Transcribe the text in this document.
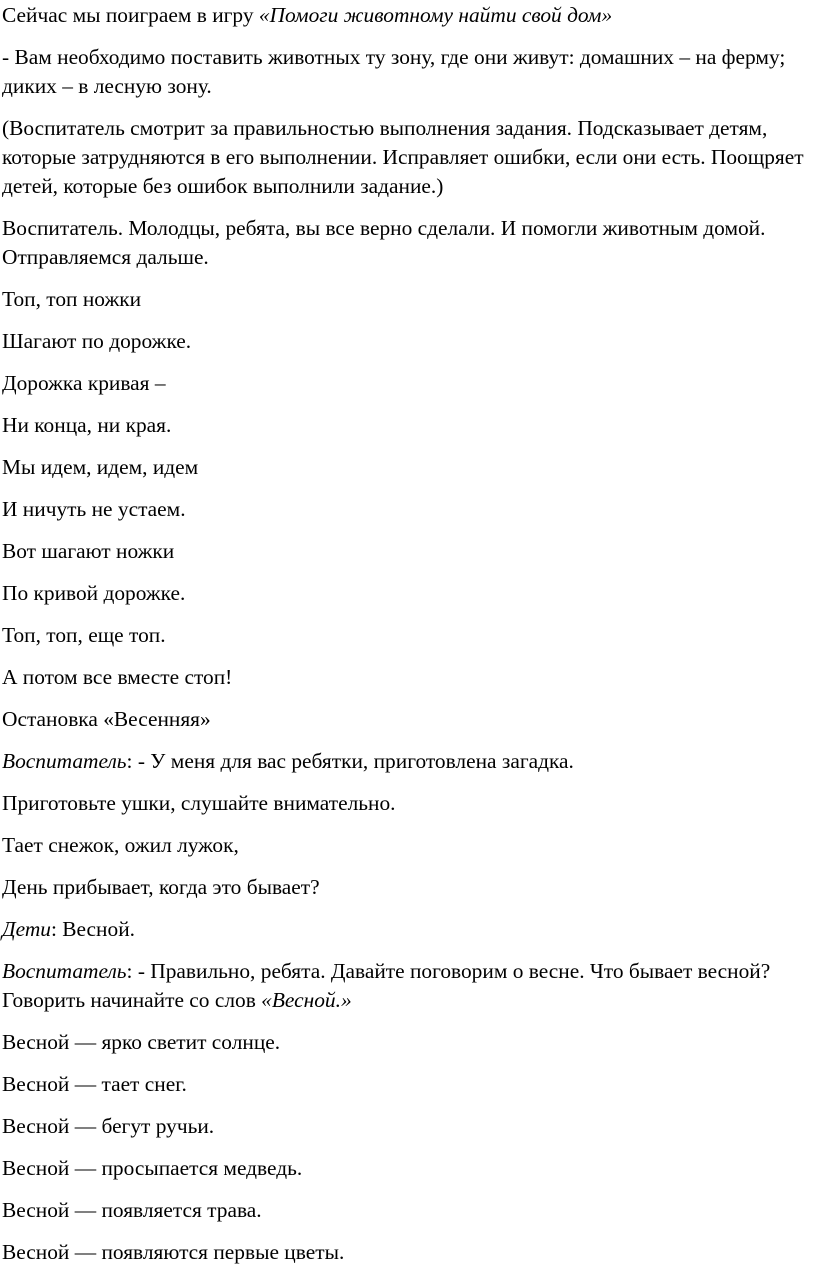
Сейчас мы поиграем в игру «Помоги животному найти свой дом»

- Вам необходимо поставить животных ту зону, где они живут: домашних – на ферму; диких – в лесную зону.

(Воспитатель смотрит за правильностью выполнения задания. Подсказывает детям, которые затрудняются в его выполнении. Исправляет ошибки, если они есть. Поощряет детей, которые без ошибок выполнили задание.)

Воспитатель. Молодцы, ребята, вы все верно сделали. И помогли животным домой. Отправляемся дальше.

Топ, топ ножки

Шагают по дорожке.

Дорожка кривая –

Ни конца, ни края.

Мы идем, идем, идем

И ничуть не устаем.

Вот шагают ножки

По кривой дорожке.

Топ, топ, еще топ.

А потом все вместе стоп!

Остановка «Весенняя»

Воспитатель: - У меня для вас ребятки, приготовлена загадка.

Приготовьте ушки, слушайте внимательно.

Тает снежок, ожил лужок,

День прибывает, когда это бывает?

Дети: Весной.

Воспитатель: - Правильно, ребята. Давайте поговорим о весне. Что бывает весной? Говорить начинайте со слов «Весной.»

Весной — ярко светит солнце.

Весной — тает снег.

Весной — бегут ручьи.

Весной — просыпается медведь.

Весной — появляется трава.

Весной — появляются первые цветы.
